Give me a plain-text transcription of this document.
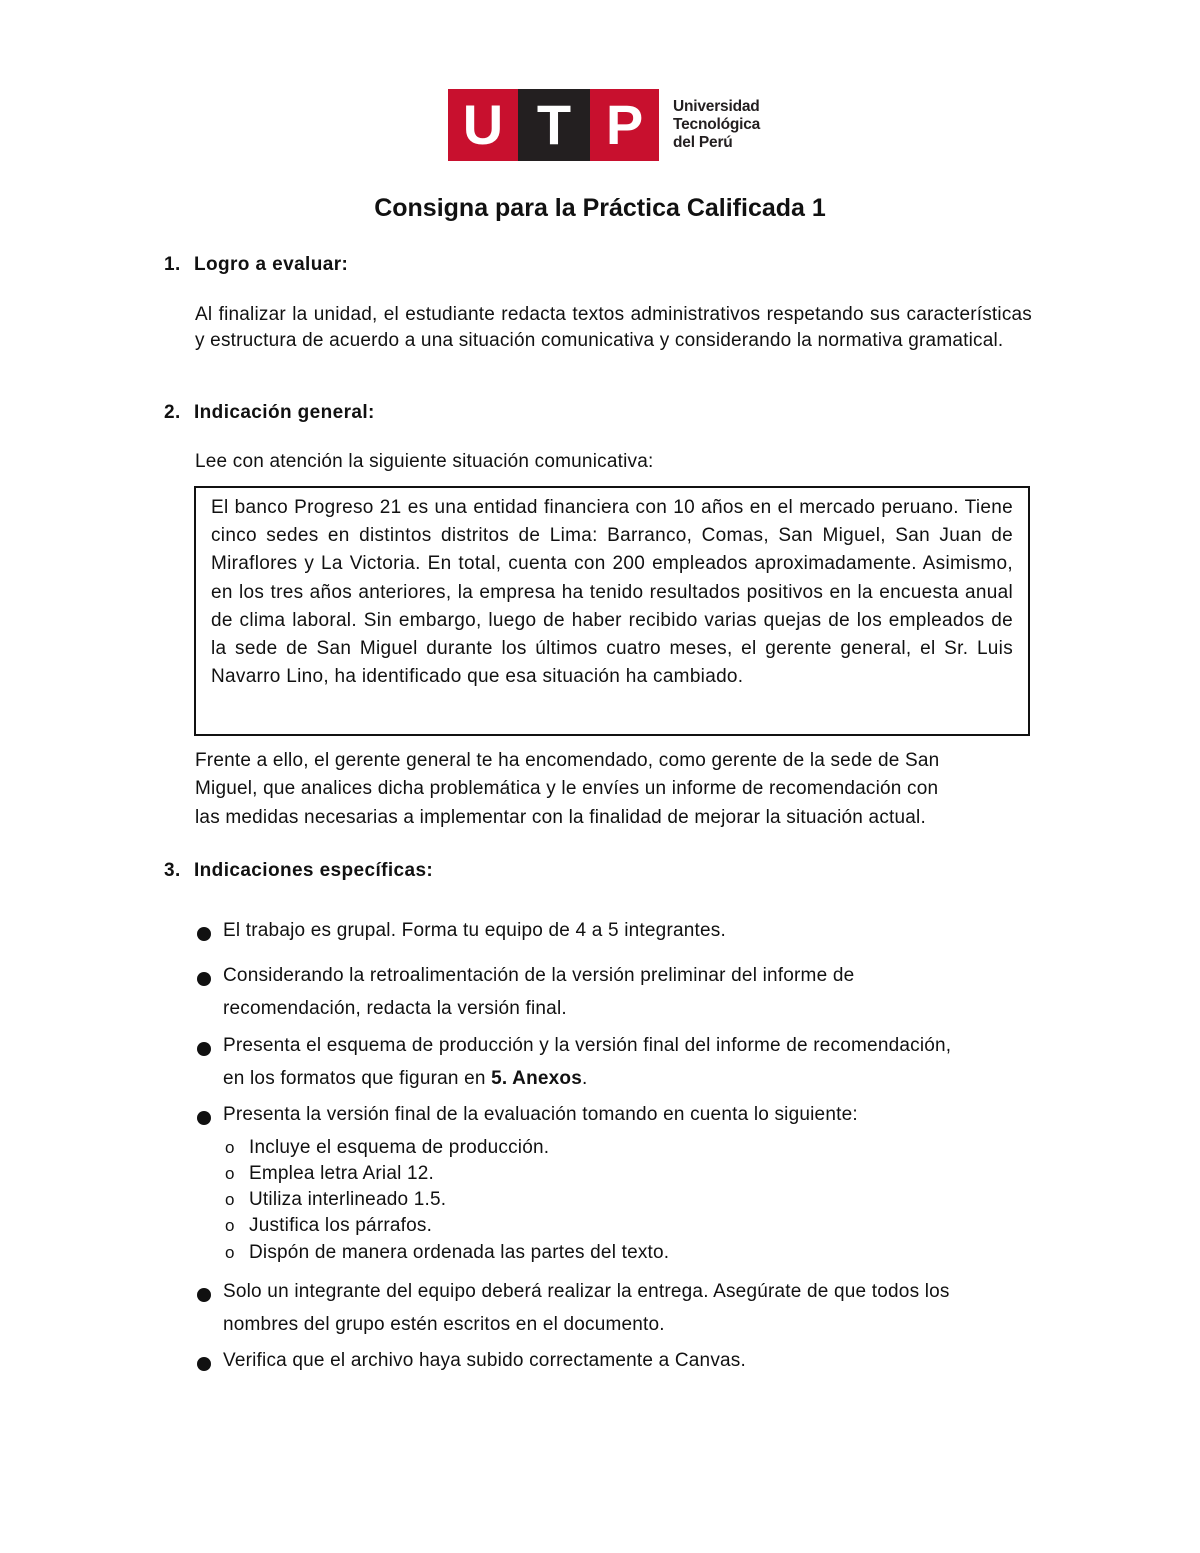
U T P	Universidad
Tecnológica
del Perú
Consigna para la Práctica Calificada 1
1. Logro a evaluar:
Al finalizar la unidad, el estudiante redacta textos administrativos respetando sus características y estructura de acuerdo a una situación comunicativa y considerando la normativa gramatical.
2. Indicación general:
Lee con atención la siguiente situación comunicativa:
El banco Progreso 21 es una entidad financiera con 10 años en el mercado peruano. Tiene cinco sedes en distintos distritos de Lima: Barranco, Comas, San Miguel, San Juan de Miraflores y La Victoria. En total, cuenta con 200 empleados aproximadamente. Asimismo, en los tres años anteriores, la empresa ha tenido resultados positivos en la encuesta anual de clima laboral. Sin embargo, luego de haber recibido varias quejas de los empleados de la sede de San Miguel durante los últimos cuatro meses, el gerente general, el Sr. Luis Navarro Lino, ha identificado que esa situación ha cambiado.
Frente a ello, el gerente general te ha encomendado, como gerente de la sede de San
Miguel, que analices dicha problemática y le envíes un informe de recomendación con
las medidas necesarias a implementar con la finalidad de mejorar la situación actual.
3. Indicaciones específicas:
El trabajo es grupal. Forma tu equipo de 4 a 5 integrantes.
Considerando la retroalimentación de la versión preliminar del informe de
recomendación, redacta la versión final.
Presenta el esquema de producción y la versión final del informe de recomendación,
en los formatos que figuran en 5. Anexos.
Presenta la versión final de la evaluación tomando en cuenta lo siguiente:
o Incluye el esquema de producción.
o Emplea letra Arial 12.
o Utiliza interlineado 1.5.
o Justifica los párrafos.
o Dispón de manera ordenada las partes del texto.
Solo un integrante del equipo deberá realizar la entrega. Asegúrate de que todos los
nombres del grupo estén escritos en el documento.
Verifica que el archivo haya subido correctamente a Canvas.
